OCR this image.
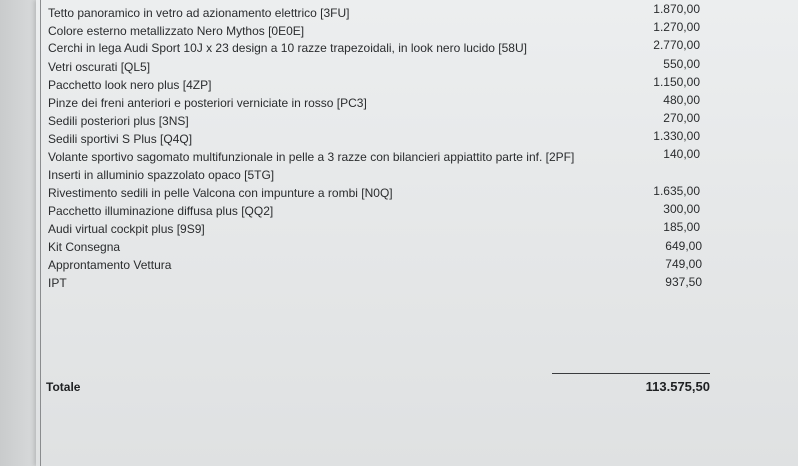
Tetto panoramico in vetro ad azionamento elettrico [3FU]	1.870,00
Colore esterno metallizzato Nero Mythos [0E0E]	1.270,00
Cerchi in lega Audi Sport 10J x 23 design a 10 razze trapezoidali, in look nero lucido [58U]	2.770,00
Vetri oscurati [QL5]	550,00
Pacchetto look nero plus [4ZP]	1.150,00
Pinze dei freni anteriori e posteriori verniciate in rosso [PC3]	480,00
Sedili posteriori plus [3NS]	270,00
Sedili sportivi S Plus [Q4Q]	1.330,00
Volante sportivo sagomato multifunzionale in pelle a 3 razze con bilancieri appiattito parte inf. [2PF]	140,00
Inserti in alluminio spazzolato opaco [5TG]
Rivestimento sedili in pelle Valcona con impunture a rombi [N0Q]	1.635,00
Pacchetto illuminazione diffusa plus [QQ2]	300,00
Audi virtual cockpit plus [9S9]	185,00
Kit Consegna	649,00
Approntamento Vettura	749,00
IPT	937,50
Totale	113.575,50
